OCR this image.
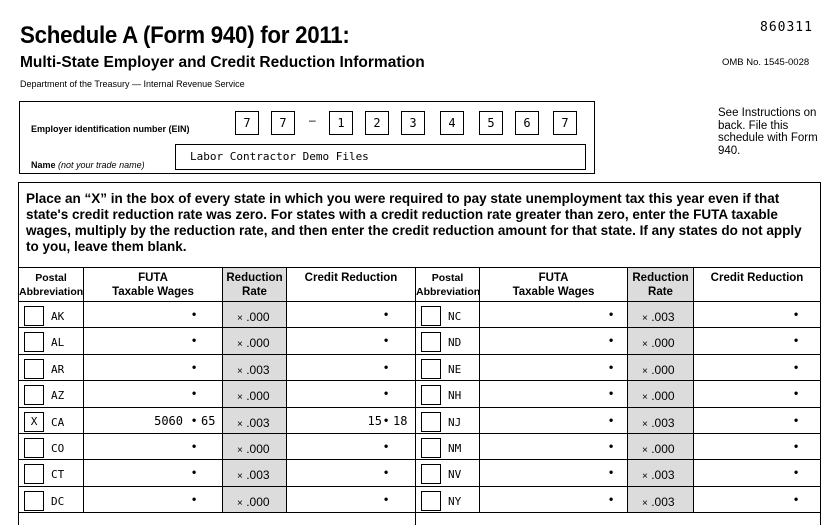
Schedule A (Form 940) for 2011:
Multi-State Employer and Credit Reduction Information
Department of the Treasury — Internal Revenue Service
860311
OMB No. 1545-0028
Employer identification number (EIN)	7	7	–	1	2	3	4	5	6	7
Name (not your trade name)
Labor Contractor Demo Files
See Instructions on back. File this schedule with Form 940.
Place an “X” in the box of every state in which you were required to pay state unemployment tax this year even if that state's credit reduction rate was zero. For states with a credit reduction rate greater than zero, enter the FUTA taxable wages, multiply by the reduction rate, and then enter the credit reduction amount for that state. If any states do not apply to you, leave them blank.
Postal
Abbreviation
FUTA
Taxable Wages
Reduction
Rate
Credit Reduction	Postal
Abbreviation
FUTA
Taxable Wages
Reduction
Rate
Credit Reduction
AK	•	× .000	•
AL	•	× .000	•
AR	•	× .003	•
AZ	•	× .000	•
X	CA	5060 • 65 × .003	15 • 18
CO	•	× .000	•
CT	•	× .003	•
DC	•	× .000	•
NC	•	× .003	•
ND	•	× .000	•
NE	•	× .000	•
NH	•	× .000	•
NJ	•	× .003	•
NM	•	× .000	•
NV	•	× .003	•
NY	•	× .003	•
